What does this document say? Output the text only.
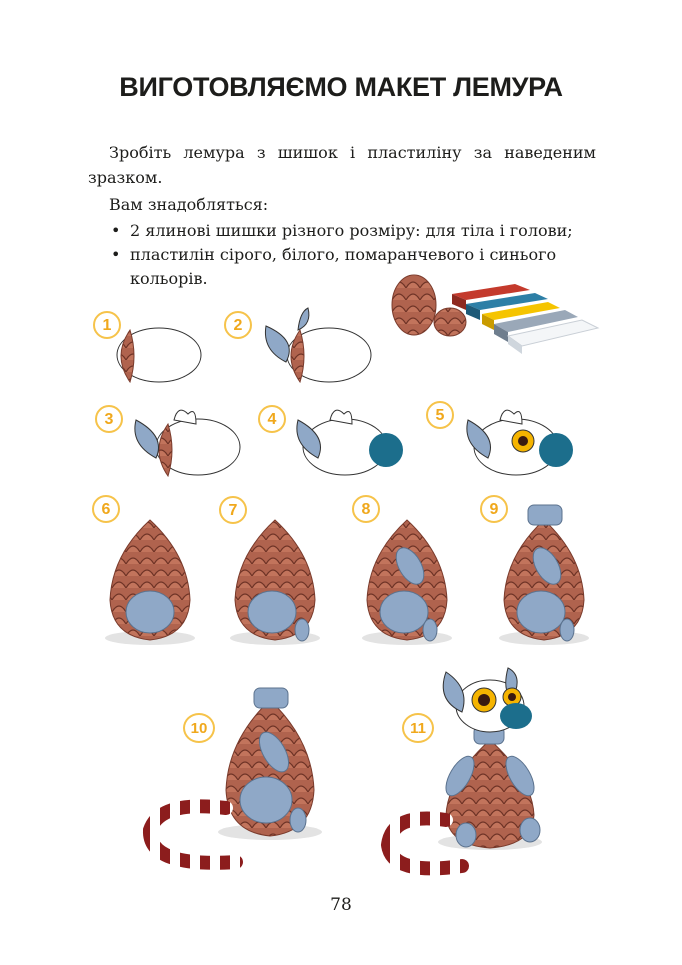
ВИГОТОВЛЯЄМО МАКЕТ ЛЕМУРА

Зробіть лемура з шишок і пластиліну за наведеним зразком.

Вам знадобляться:

• 2 ялинові шишки різного розміру: для тіла і голови;
• пластилін сірого, білого, помаранчевого і синього кольорів.
1	2
3	4	5
6	7	8	9
10	11
78
